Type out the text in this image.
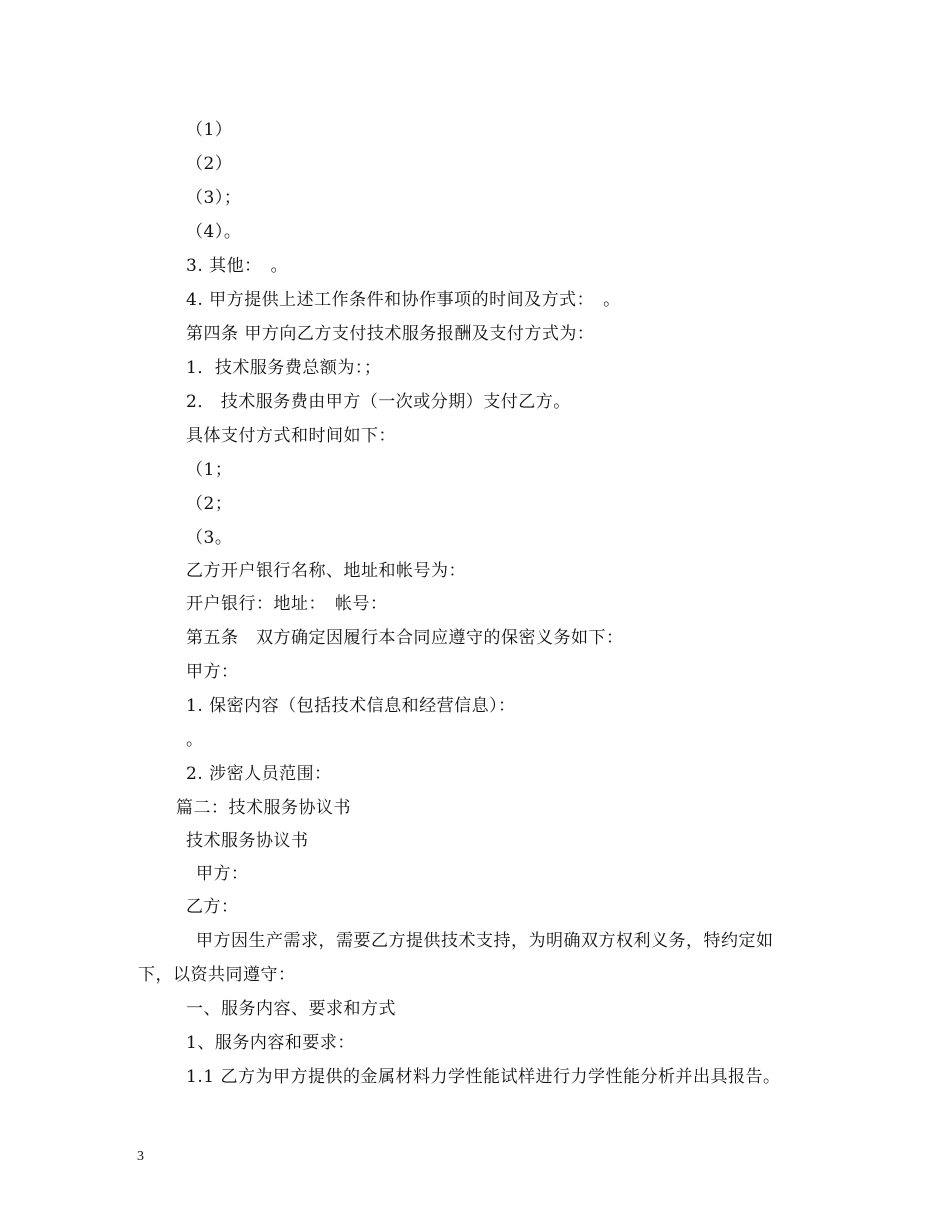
（1）
（2）
（3）；
（4）。
3. 其他：　。
4. 甲方提供上述工作条件和协作事项的时间及方式：　。
第四条 甲方向乙方支付技术服务报酬及支付方式为：
1．技术服务费总额为：；
2． 技术服务费由甲方（一次或分期）支付乙方。
具体支付方式和时间如下：
（1；
（2；
（3。
乙方开户银行名称、地址和帐号为：
开户银行：地址：　帐号：
第五条　双方确定因履行本合同应遵守的保密义务如下：
甲方：
1. 保密内容（包括技术信息和经营信息）：
。
2. 涉密人员范围：
篇二：技术服务协议书
技术服务协议书
甲方：
乙方：
甲方因生产需求，需要乙方提供技术支持，为明确双方权利义务，特约定如
下，以资共同遵守：
一、服务内容、要求和方式
1、服务内容和要求：
1.1 乙方为甲方提供的金属材料力学性能试样进行力学性能分析并出具报告。
3
